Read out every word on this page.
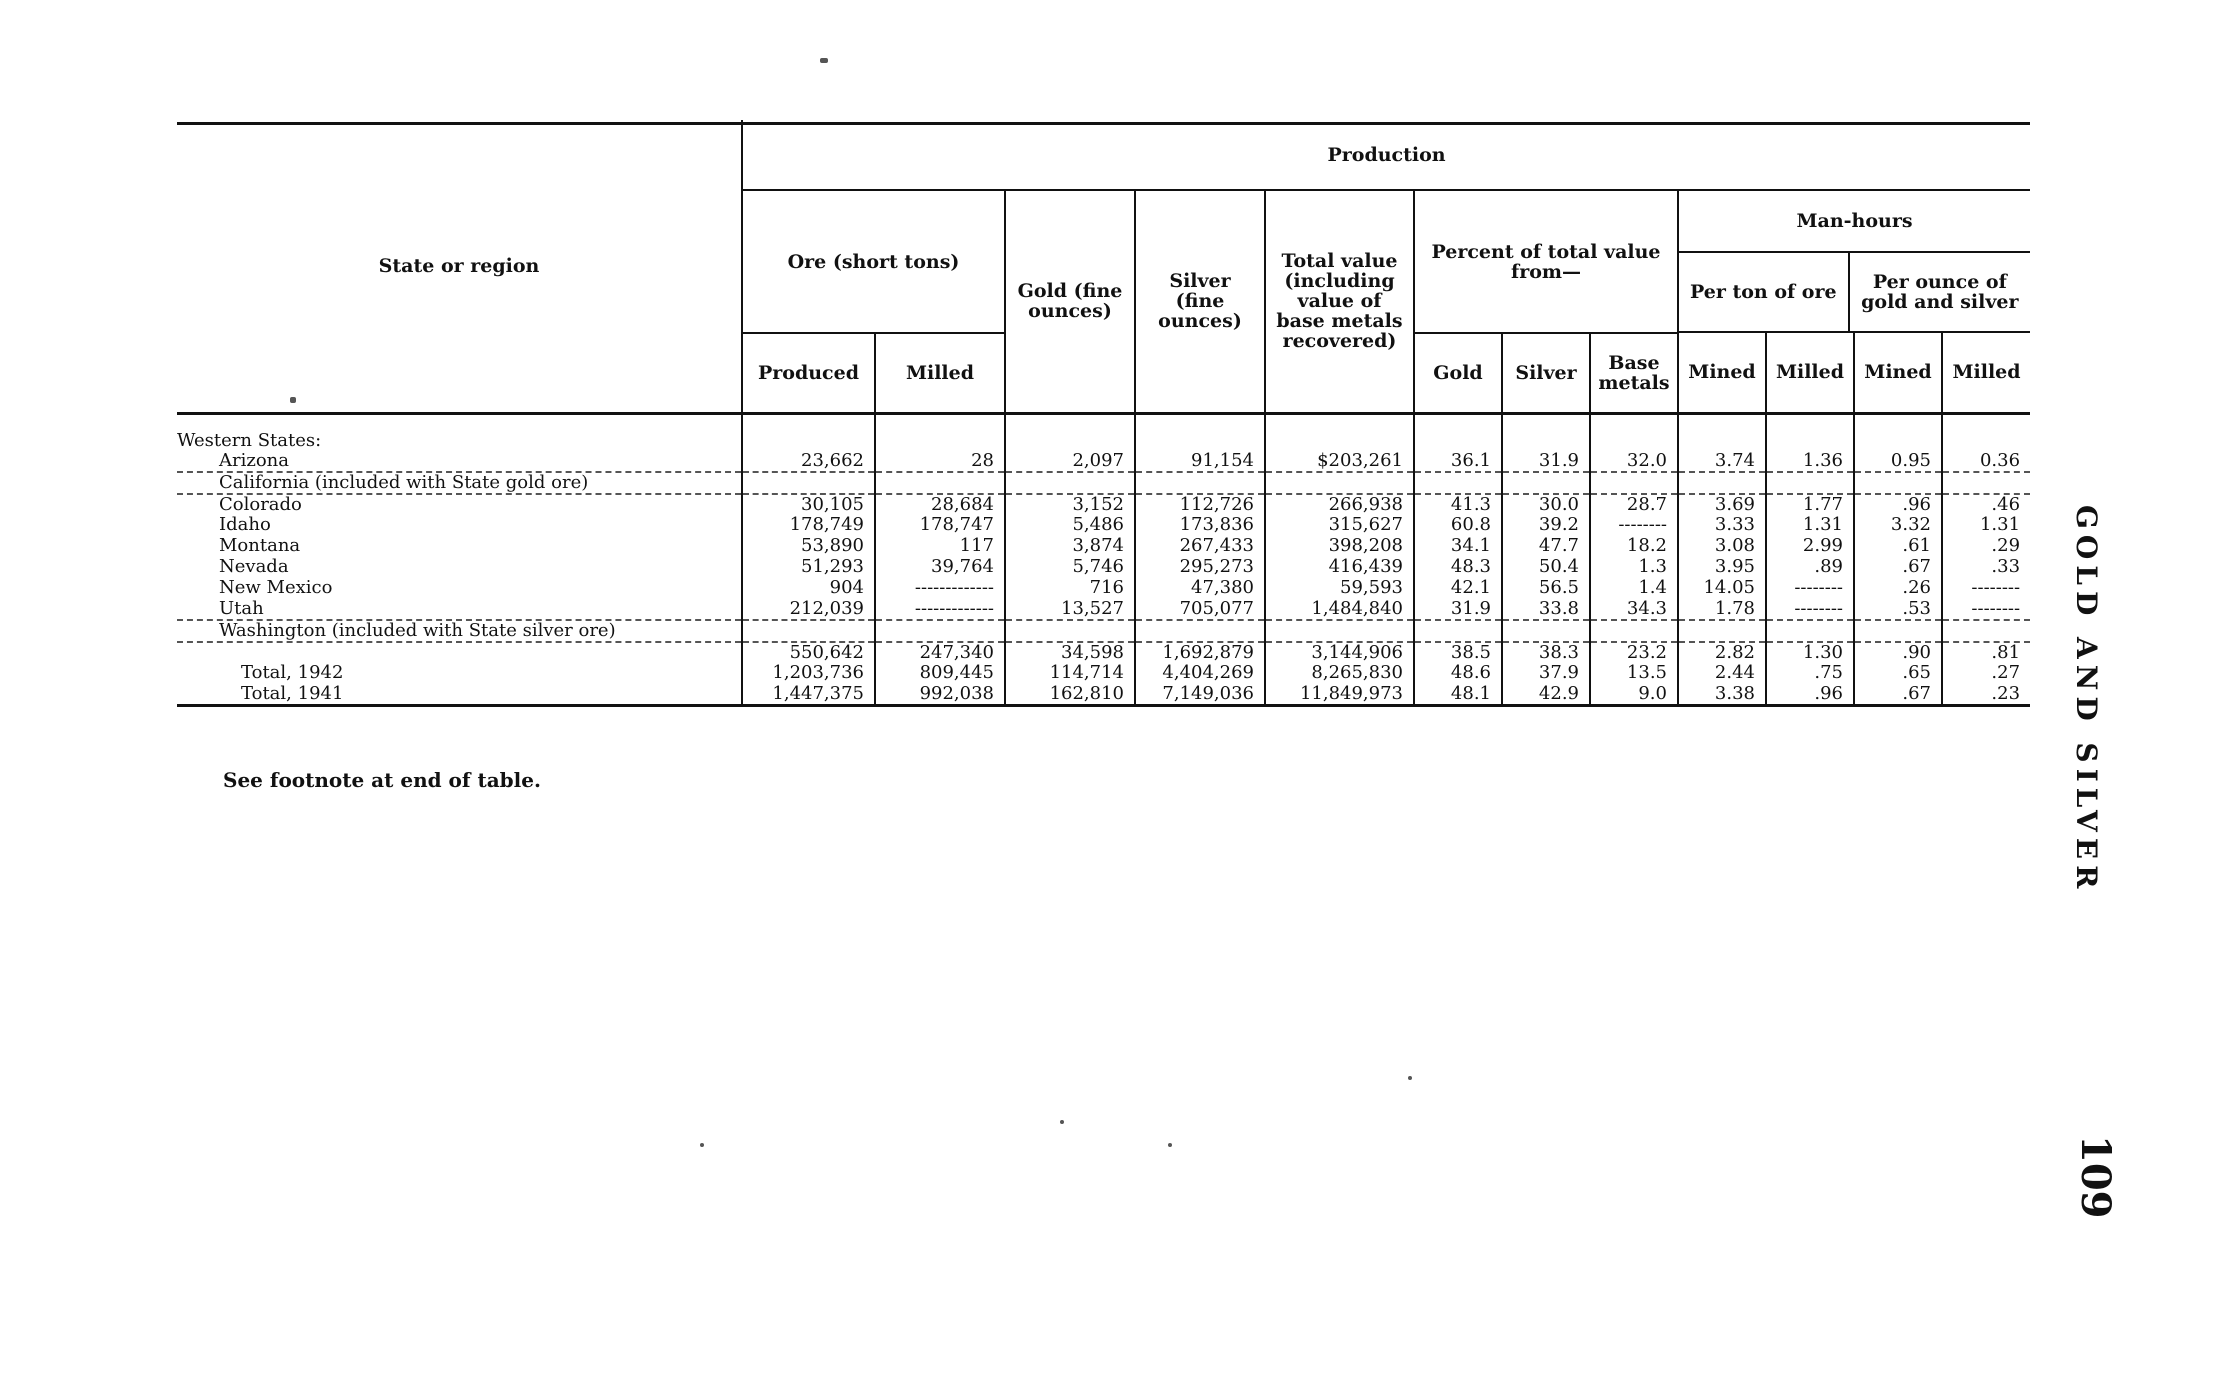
State or region	Production											
	Ore (short tons)		Gold (fine ounces)	Silver (fine ounces)	Total value (including value of base metals recovered)	Percent of total value from—			Man-hours
Per ton of ore Per ounce of gold and silver			

	Produced	Milled				Gold	Silver	Base metals	Mined	Milled	Mined	Milled
Western States:												
Arizona	23,662	28	2,097	91,154	$203,261	36.1	31.9	32.0	3.74	1.36	0.95	0.36
California (included with State gold ore)												
Colorado	30,105	28,684	3,152	112,726	266,938	41.3	30.0	28.7	3.69	1.77	.96	.46
Idaho	178,749	178,747	5,486	173,836	315,627	60.8	39.2	--------	3.33	1.31	3.32	1.31
Montana	53,890	117	3,874	267,433	398,208	34.1	47.7	18.2	3.08	2.99	.61	.29
Nevada	51,293	39,764	5,746	295,273	416,439	48.3	50.4	1.3	3.95	.89	.67	.33
New Mexico	904	-------------	716	47,380	59,593	42.1	56.5	1.4	14.05	--------	.26	--------
Utah	212,039	-------------	13,527	705,077	1,484,840	31.9	33.8	34.3	1.78	--------	.53	--------
Washington (included with State silver ore)												
	550,642	247,340	34,598	1,692,879	3,144,906	38.5	38.3	23.2	2.82	1.30	.90	.81
Total, 1942	1,203,736	809,445	114,714	4,404,269	8,265,830	48.6	37.9	13.5	2.44	.75	.65	.27
Total, 1941	1,447,375	992,038	162,810	7,149,036	11,849,973	48.1	42.9	9.0	3.38	.96	.67	.23
See footnote at end of table.	GOLD AND SILVER
109
